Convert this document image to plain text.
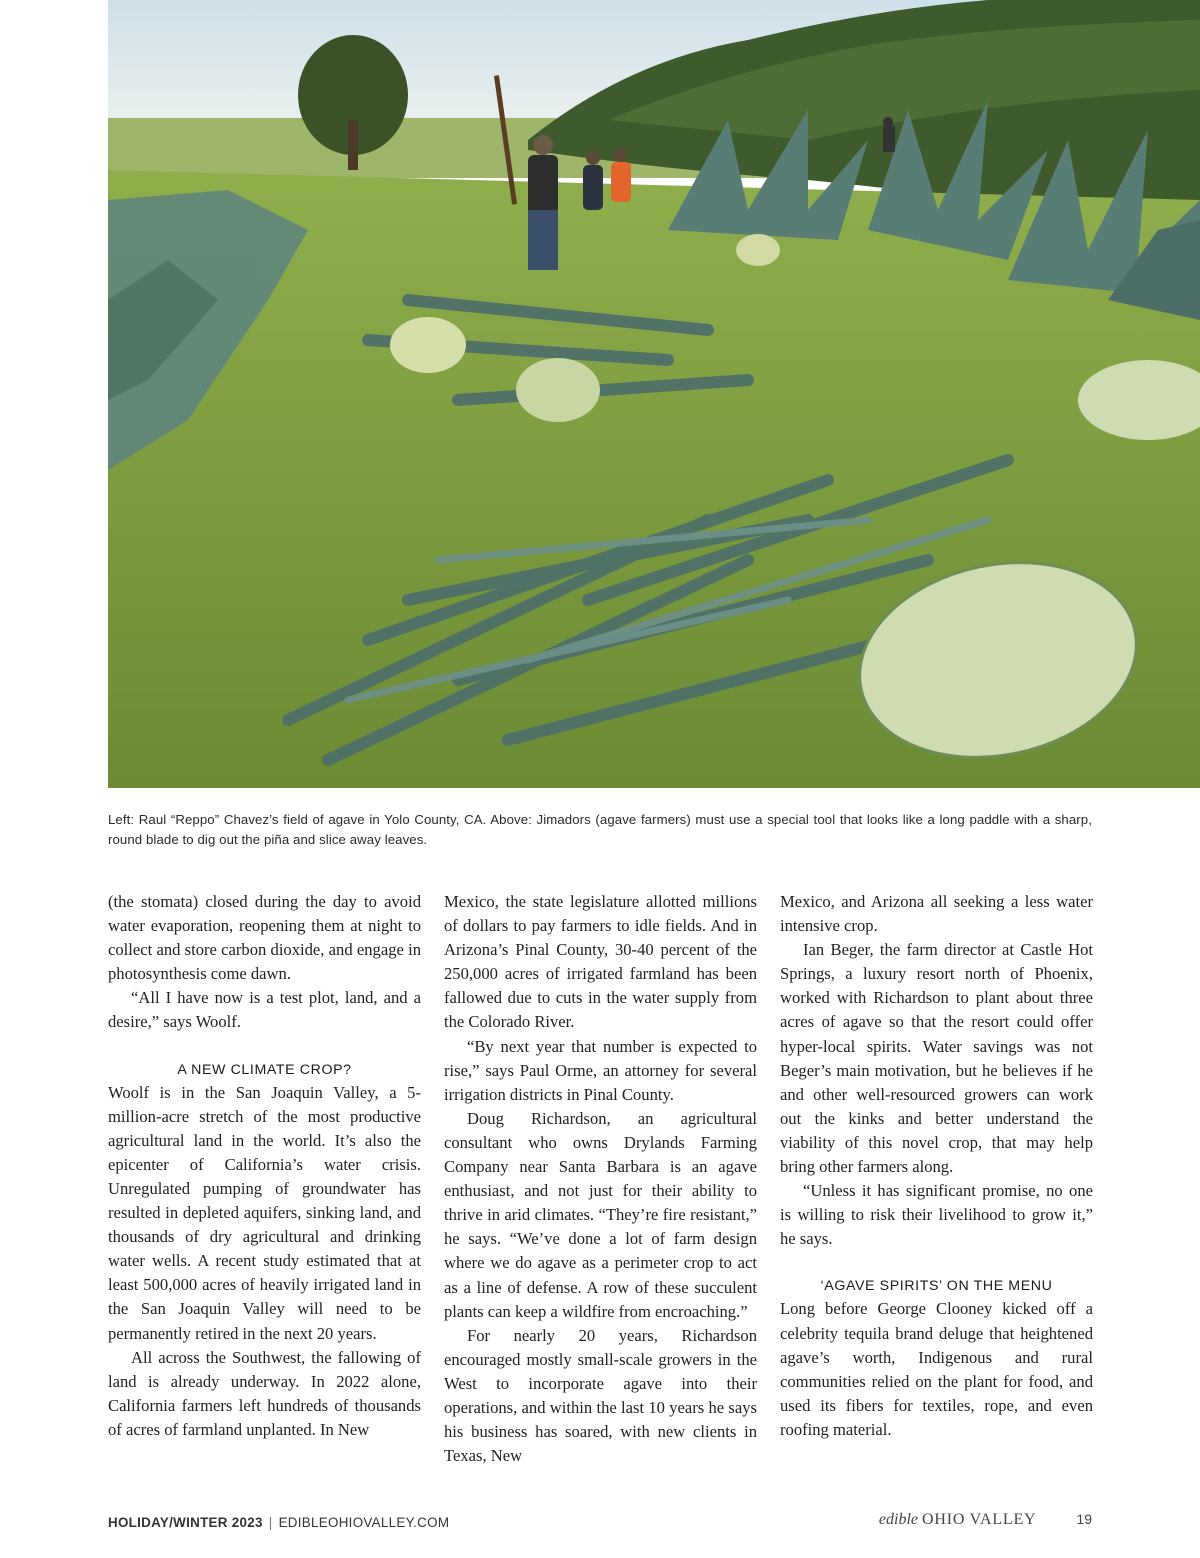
Left: Raul “Reppo” Chavez’s field of agave in Yolo County, CA. Above: Jimadors (agave farmers) must use a special tool that looks like a long paddle with a sharp, round blade to dig out the piña and slice away leaves.

(the stomata) closed during the day to avoid water evaporation, reopening them at night to collect and store carbon dioxide, and engage in photosynthesis come dawn.

“All I have now is a test plot, land, and a desire,” says Woolf.

A NEW CLIMATE CROP?

Woolf is in the San Joaquin Valley, a 5-million-acre stretch of the most productive agricultural land in the world. It’s also the epicenter of California’s water crisis. Unregulated pumping of groundwater has resulted in depleted aquifers, sinking land, and thousands of dry agricultural and drinking water wells. A recent study estimated that at least 500,000 acres of heavily irrigated land in the San Joaquin Valley will need to be permanently retired in the next 20 years.

All across the Southwest, the fallowing of land is already underway. In 2022 alone, California farmers left hundreds of thousands of acres of farmland unplanted. In New

Mexico, the state legislature allotted millions of dollars to pay farmers to idle fields. And in Arizona’s Pinal County, 30-40 percent of the 250,000 acres of irrigated farmland has been fallowed due to cuts in the water supply from the Colorado River.

“By next year that number is expected to rise,” says Paul Orme, an attorney for several irrigation districts in Pinal County.

Doug Richardson, an agricultural consultant who owns Drylands Farming Company near Santa Barbara is an agave enthusiast, and not just for their ability to thrive in arid climates. “They’re fire resistant,” he says. “We’ve done a lot of farm design where we do agave as a perimeter crop to act as a line of defense. A row of these succulent plants can keep a wildfire from encroaching.”

For nearly 20 years, Richardson encouraged mostly small-scale growers in the West to incorporate agave into their operations, and within the last 10 years he says his business has soared, with new clients in Texas, New

Mexico, and Arizona all seeking a less water intensive crop.

Ian Beger, the farm director at Castle Hot Springs, a luxury resort north of Phoenix, worked with Richardson to plant about three acres of agave so that the resort could offer hyper-local spirits. Water savings was not Beger’s main motivation, but he believes if he and other well-resourced growers can work out the kinks and better understand the viability of this novel crop, that may help bring other farmers along.

“Unless it has significant promise, no one is willing to risk their livelihood to grow it,” he says.

‘AGAVE SPIRITS’ ON THE MENU

Long before George Clooney kicked off a celebrity tequila brand deluge that heightened agave’s worth, Indigenous and rural communities relied on the plant for food, and used its fibers for textiles, rope, and even roofing material.

HOLIDAY/WINTER 2023 | EDIBLEOHIOVALLEY.COM	edible OHIO VALLEY	19
